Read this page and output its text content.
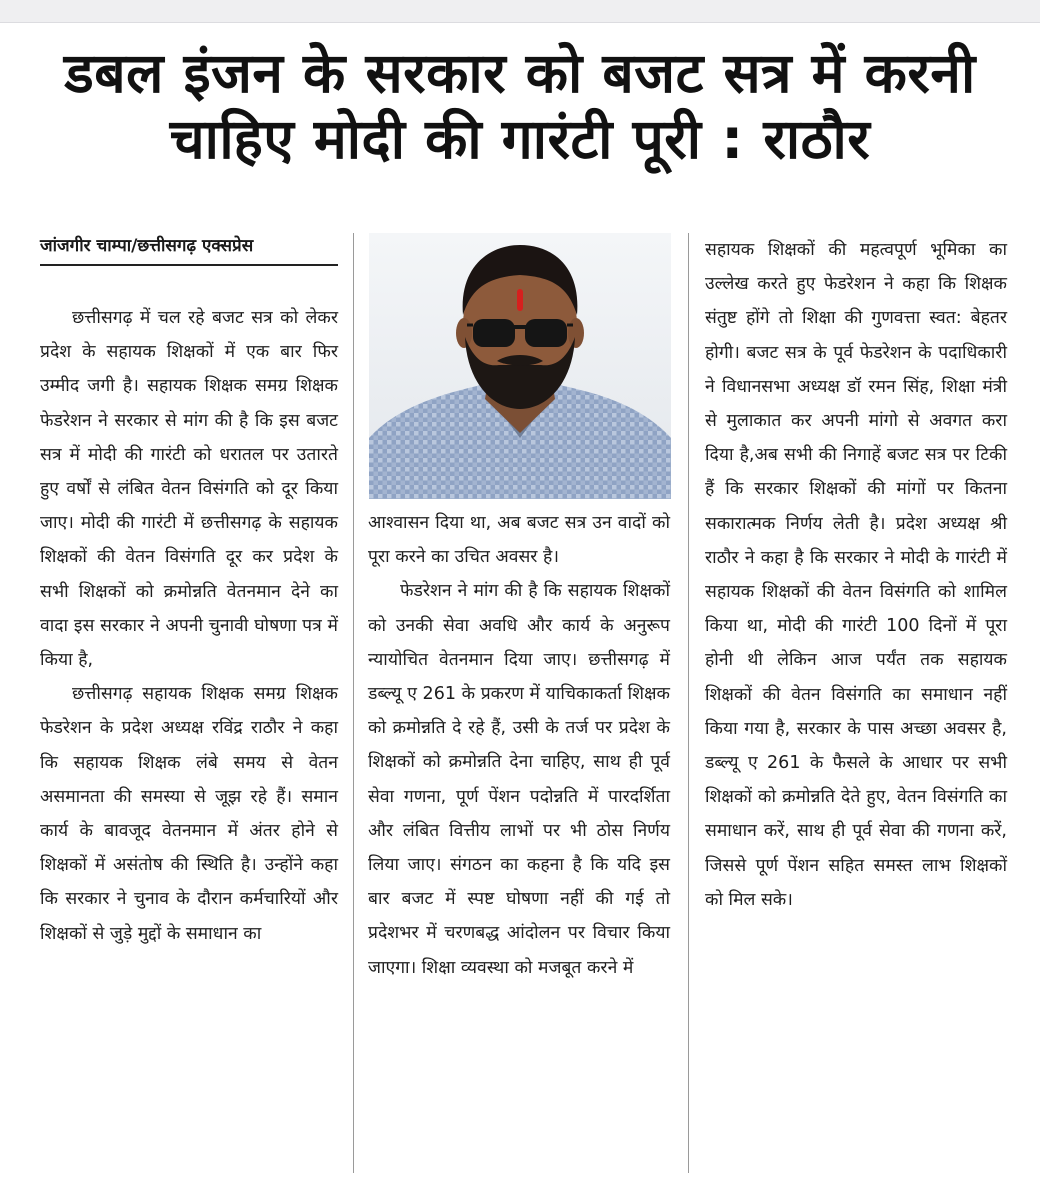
डबल इंजन के सरकार को बजट सत्र में करनी
चाहिए मोदी की गारंटी पूरी : राठौर
जांजगीर चाम्पा/छत्तीसगढ़ एक्सप्रेस

छत्तीसगढ़ में चल रहे बजट सत्र को लेकर प्रदेश के सहायक शिक्षकों में एक बार फिर उम्मीद जगी है। सहायक शिक्षक समग्र शिक्षक फेडरेशन ने सरकार से मांग की है कि इस बजट सत्र में मोदी की गारंटी को धरातल पर उतारते हुए वर्षों से लंबित वेतन विसंगति को दूर किया जाए। मोदी की गारंटी में छत्तीसगढ़ के सहायक शिक्षकों की वेतन विसंगति दूर कर प्रदेश के सभी शिक्षकों को क्रमोन्नति वेतनमान देने का वादा इस सरकार ने अपनी चुनावी घोषणा पत्र में किया है,

छत्तीसगढ़ सहायक शिक्षक समग्र शिक्षक फेडरेशन के प्रदेश अध्यक्ष रविंद्र राठौर ने कहा कि सहायक शिक्षक लंबे समय से वेतन असमानता की समस्या से जूझ रहे हैं। समान कार्य के बावजूद वेतनमान में अंतर होने से शिक्षकों में असंतोष की स्थिति है। उन्होंने कहा कि सरकार ने चुनाव के दौरान कर्मचारियों और शिक्षकों से जुड़े मुद्दों के समाधान का

आश्वासन दिया था, अब बजट सत्र उन वादों को पूरा करने का उचित अवसर है।

फेडरेशन ने मांग की है कि सहायक शिक्षकों को उनकी सेवा अवधि और कार्य के अनुरूप न्यायोचित वेतनमान दिया जाए। छत्तीसगढ़ में डब्ल्यू ए 261 के प्रकरण में याचिकाकर्ता शिक्षक को क्रमोन्नति दे रहे हैं, उसी के तर्ज पर प्रदेश के शिक्षकों को क्रमोन्नति देना चाहिए, साथ ही पूर्व सेवा गणना, पूर्ण पेंशन पदोन्नति में पारदर्शिता और लंबित वित्तीय लाभों पर भी ठोस निर्णय लिया जाए। संगठन का कहना है कि यदि इस बार बजट में स्पष्ट घोषणा नहीं की गई तो प्रदेशभर में चरणबद्ध आंदोलन पर विचार किया जाएगा। शिक्षा व्यवस्था को मजबूत करने में

सहायक शिक्षकों की महत्वपूर्ण भूमिका का उल्लेख करते हुए फेडरेशन ने कहा कि शिक्षक संतुष्ट होंगे तो शिक्षा की गुणवत्ता स्वत: बेहतर होगी। बजट सत्र के पूर्व फेडरेशन के पदाधिकारी ने विधानसभा अध्यक्ष डॉ रमन सिंह, शिक्षा मंत्री से मुलाकात कर अपनी मांगो से अवगत करा दिया है,अब सभी की निगाहें बजट सत्र पर टिकी हैं कि सरकार शिक्षकों की मांगों पर कितना सकारात्मक निर्णय लेती है। प्रदेश अध्यक्ष श्री राठौर ने कहा है कि सरकार ने मोदी के गारंटी में सहायक शिक्षकों की वेतन विसंगति को शामिल किया था, मोदी की गारंटी 100 दिनों में पूरा होनी थी लेकिन आज पर्यंत तक सहायक शिक्षकों की वेतन विसंगति का समाधान नहीं किया गया है, सरकार के पास अच्छा अवसर है, डब्ल्यू ए 261 के फैसले के आधार पर सभी शिक्षकों को क्रमोन्नति देते हुए, वेतन विसंगति का समाधान करें, साथ ही पूर्व सेवा की गणना करें, जिससे पूर्ण पेंशन सहित समस्त लाभ शिक्षकों को मिल सके।
